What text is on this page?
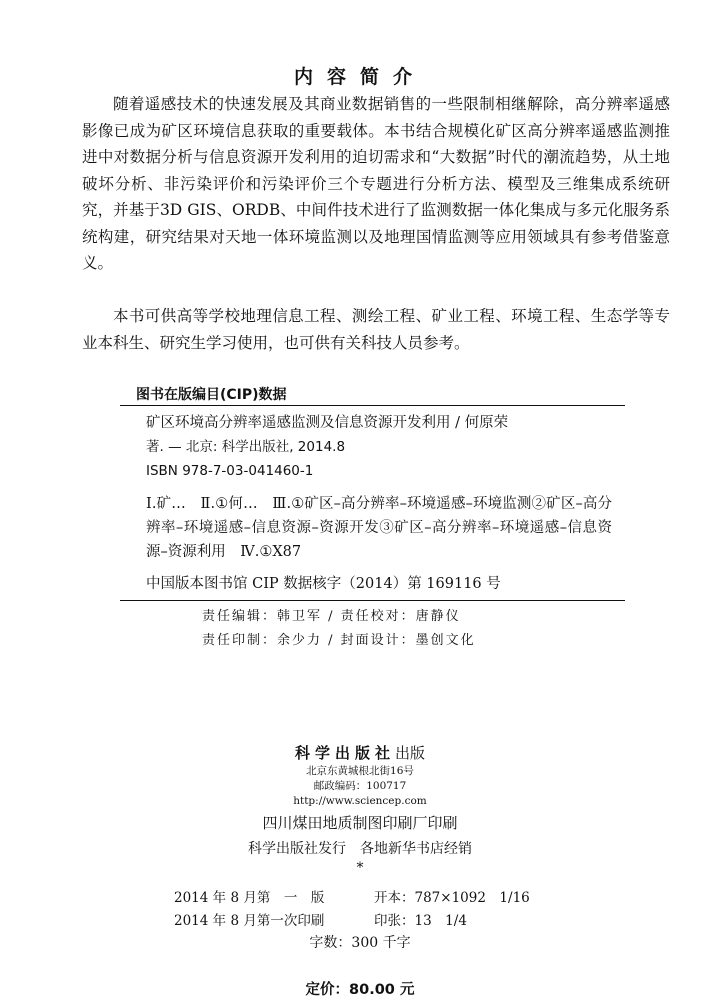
内容简介

随着遥感技术的快速发展及其商业数据销售的一些限制相继解除，高分辨率遥感影像已成为矿区环境信息获取的重要载体。本书结合规模化矿区高分辨率遥感监测推进中对数据分析与信息资源开发利用的迫切需求和“大数据”时代的潮流趋势，从土地破坏分析、非污染评价和污染评价三个专题进行分析方法、模型及三维集成系统研究，并基于3D GIS、ORDB、中间件技术进行了监测数据一体化集成与多元化服务系统构建，研究结果对天地一体环境监测以及地理国情监测等应用领域具有参考借鉴意义。

本书可供高等学校地理信息工程、测绘工程、矿业工程、环境工程、生态学等专业本科生、研究生学习使用，也可供有关科技人员参考。

图书在版编目(CIP)数据
矿区环境高分辨率遥感监测及信息资源开发利用 / 何原荣
著. — 北京: 科学出版社, 2014.8
ISBN 978-7-03-041460-1
Ⅰ.矿…　Ⅱ.①何…　Ⅲ.①矿区–高分辨率–环境遥感–环境监测②矿区–高分辨率–环境遥感–信息资源–资源开发③矿区–高分辨率–环境遥感–信息资源–资源利用　Ⅳ.①X87
中国版本图书馆 CIP 数据核字（2014）第 169116 号
责任编辑：韩卫军 / 责任校对：唐静仪
责任印制：余少力 / 封面设计：墨创文化
科学出版社出版
北京东黄城根北街16号
邮政编码：100717
http://www.sciencep.com
四川煤田地质制图印刷厂印刷
科学出版社发行　各地新华书店经销
*
2014 年 8 月第　一　版	开本：787×1092　1/16
2014 年 8 月第一次印刷	印张：13　1/4
字数：300 千字
定价：80.00 元
